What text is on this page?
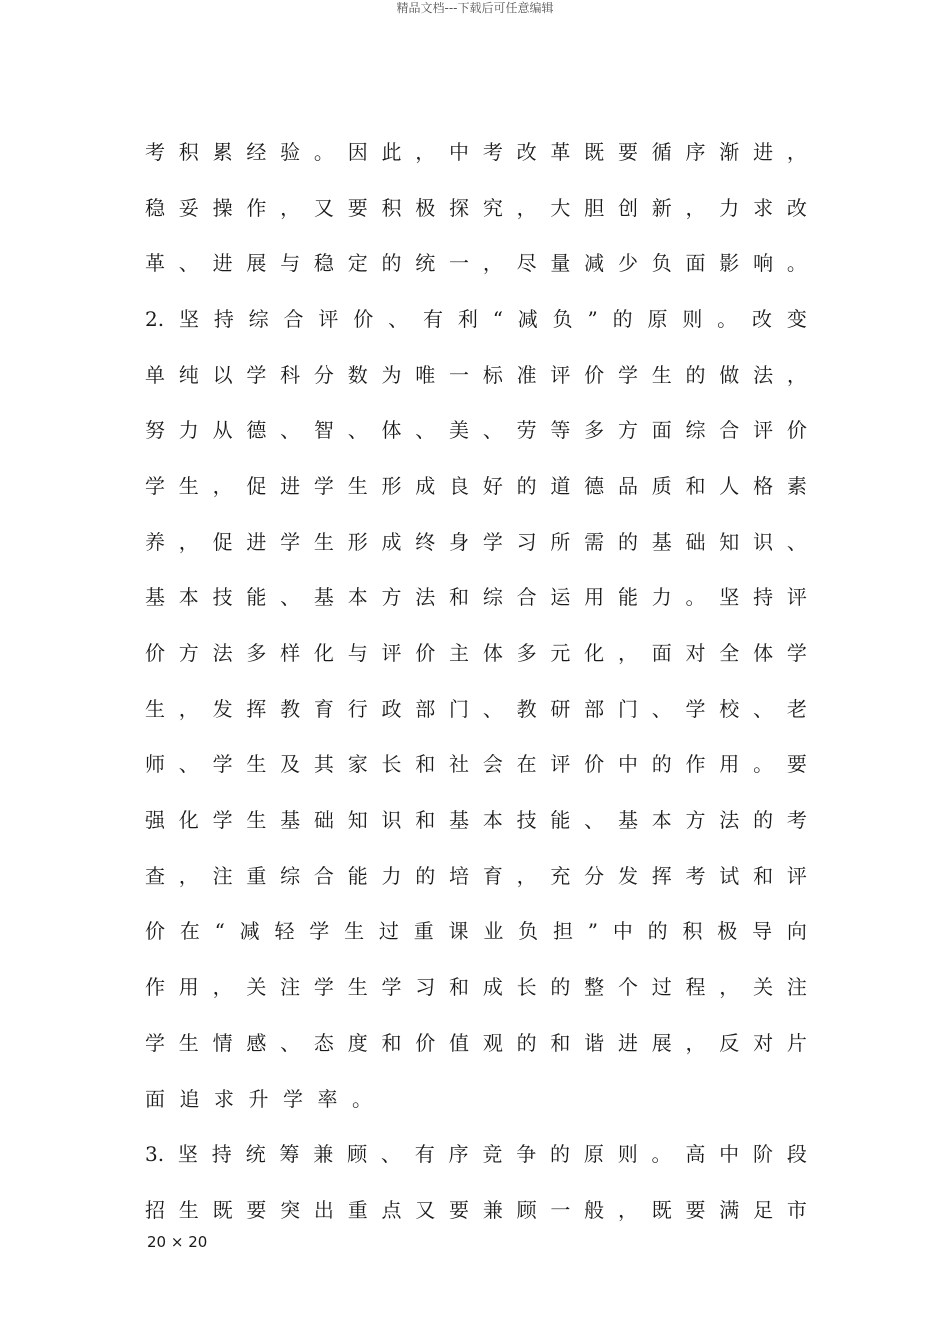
精品文档---下载后可任意编辑
考 积 累 经 验 。 因 此 ， 中 考 改 革 既 要 循 序 渐 进 ，
稳 妥 操 作 ， 又 要 积 极 探 究 ， 大 胆 创 新 ， 力 求 改
革 、 进 展 与 稳 定 的 统 一 ， 尽 量 减 少 负 面 影 响 。
2. 坚 持 综 合 评 价 、 有 利 “ 减 负 ” 的 原 则 。 改 变
单 纯 以 学 科 分 数 为 唯 一 标 准 评 价 学 生 的 做 法 ，
努 力 从 德 、 智 、 体 、 美 、 劳 等 多 方 面 综 合 评 价
学 生 ， 促 进 学 生 形 成 良 好 的 道 德 品 质 和 人 格 素
养 ， 促 进 学 生 形 成 终 身 学 习 所 需 的 基 础 知 识 、
基 本 技 能 、 基 本 方 法 和 综 合 运 用 能 力 。 坚 持 评
价 方 法 多 样 化 与 评 价 主 体 多 元 化 ， 面 对 全 体 学
生 ， 发 挥 教 育 行 政 部 门 、 教 研 部 门 、 学 校 、 老
师 、 学 生 及 其 家 长 和 社 会 在 评 价 中 的 作 用 。 要
强 化 学 生 基 础 知 识 和 基 本 技 能 、 基 本 方 法 的 考
查 ， 注 重 综 合 能 力 的 培 育 ， 充 分 发 挥 考 试 和 评
价 在 “ 减 轻 学 生 过 重 课 业 负 担 ” 中 的 积 极 导 向
作 用 ， 关 注 学 生 学 习 和 成 长 的 整 个 过 程 ， 关 注
学 生 情 感 、 态 度 和 价 值 观 的 和 谐 进 展 ， 反 对 片
面追求升学率。
3. 坚 持 统 筹 兼 顾 、 有 序 竞 争 的 原 则 。 高 中 阶 段
招 生 既 要 突 出 重 点 又 要 兼 顾 一 般 ， 既 要 满 足 市
20 × 20
